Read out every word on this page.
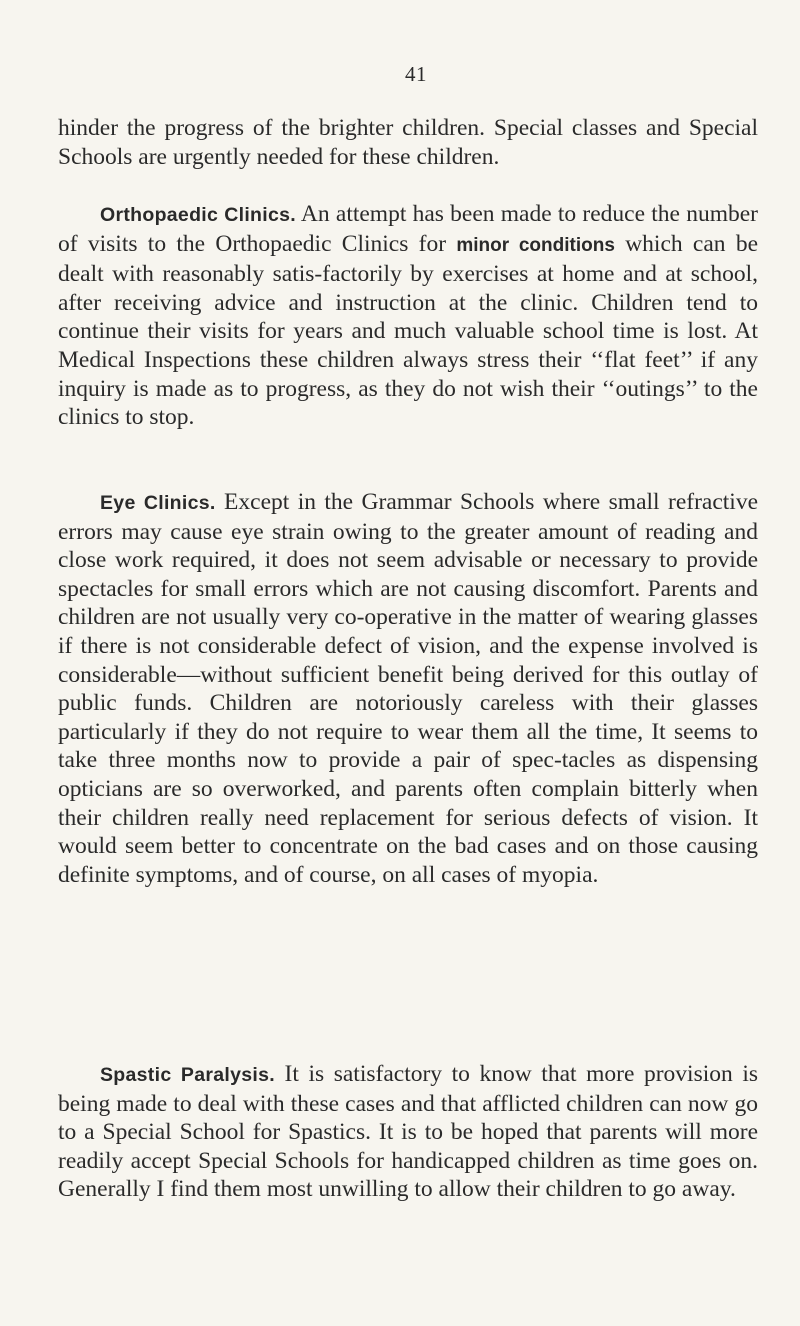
41

hinder the progress of the brighter children. Special classes and Special Schools are urgently needed for these children.

Orthopaedic Clinics. An attempt has been made to reduce the number of visits to the Orthopaedic Clinics for minor conditions which can be dealt with reasonably satis-factorily by exercises at home and at school, after receiving advice and instruction at the clinic. Children tend to continue their visits for years and much valuable school time is lost. At Medical Inspections these children always stress their ‘‘flat feet’’ if any inquiry is made as to progress, as they do not wish their ‘‘outings’’ to the clinics to stop.

Eye Clinics. Except in the Grammar Schools where small refractive errors may cause eye strain owing to the greater amount of reading and close work required, it does not seem advisable or necessary to provide spectacles for small errors which are not causing discomfort. Parents and children are not usually very co-operative in the matter of wearing glasses if there is not considerable defect of vision, and the expense involved is considerable—without sufficient benefit being derived for this outlay of public funds. Children are notoriously careless with their glasses particularly if they do not require to wear them all the time, It seems to take three months now to provide a pair of spec-tacles as dispensing opticians are so overworked, and parents often complain bitterly when their children really need replacement for serious defects of vision. It would seem better to concentrate on the bad cases and on those causing definite symptoms, and of course, on all cases of myopia.

Spastic Paralysis. It is satisfactory to know that more provision is being made to deal with these cases and that afflicted children can now go to a Special School for Spastics. It is to be hoped that parents will more readily accept Special Schools for handicapped children as time goes on. Generally I find them most unwilling to allow their children to go away.
